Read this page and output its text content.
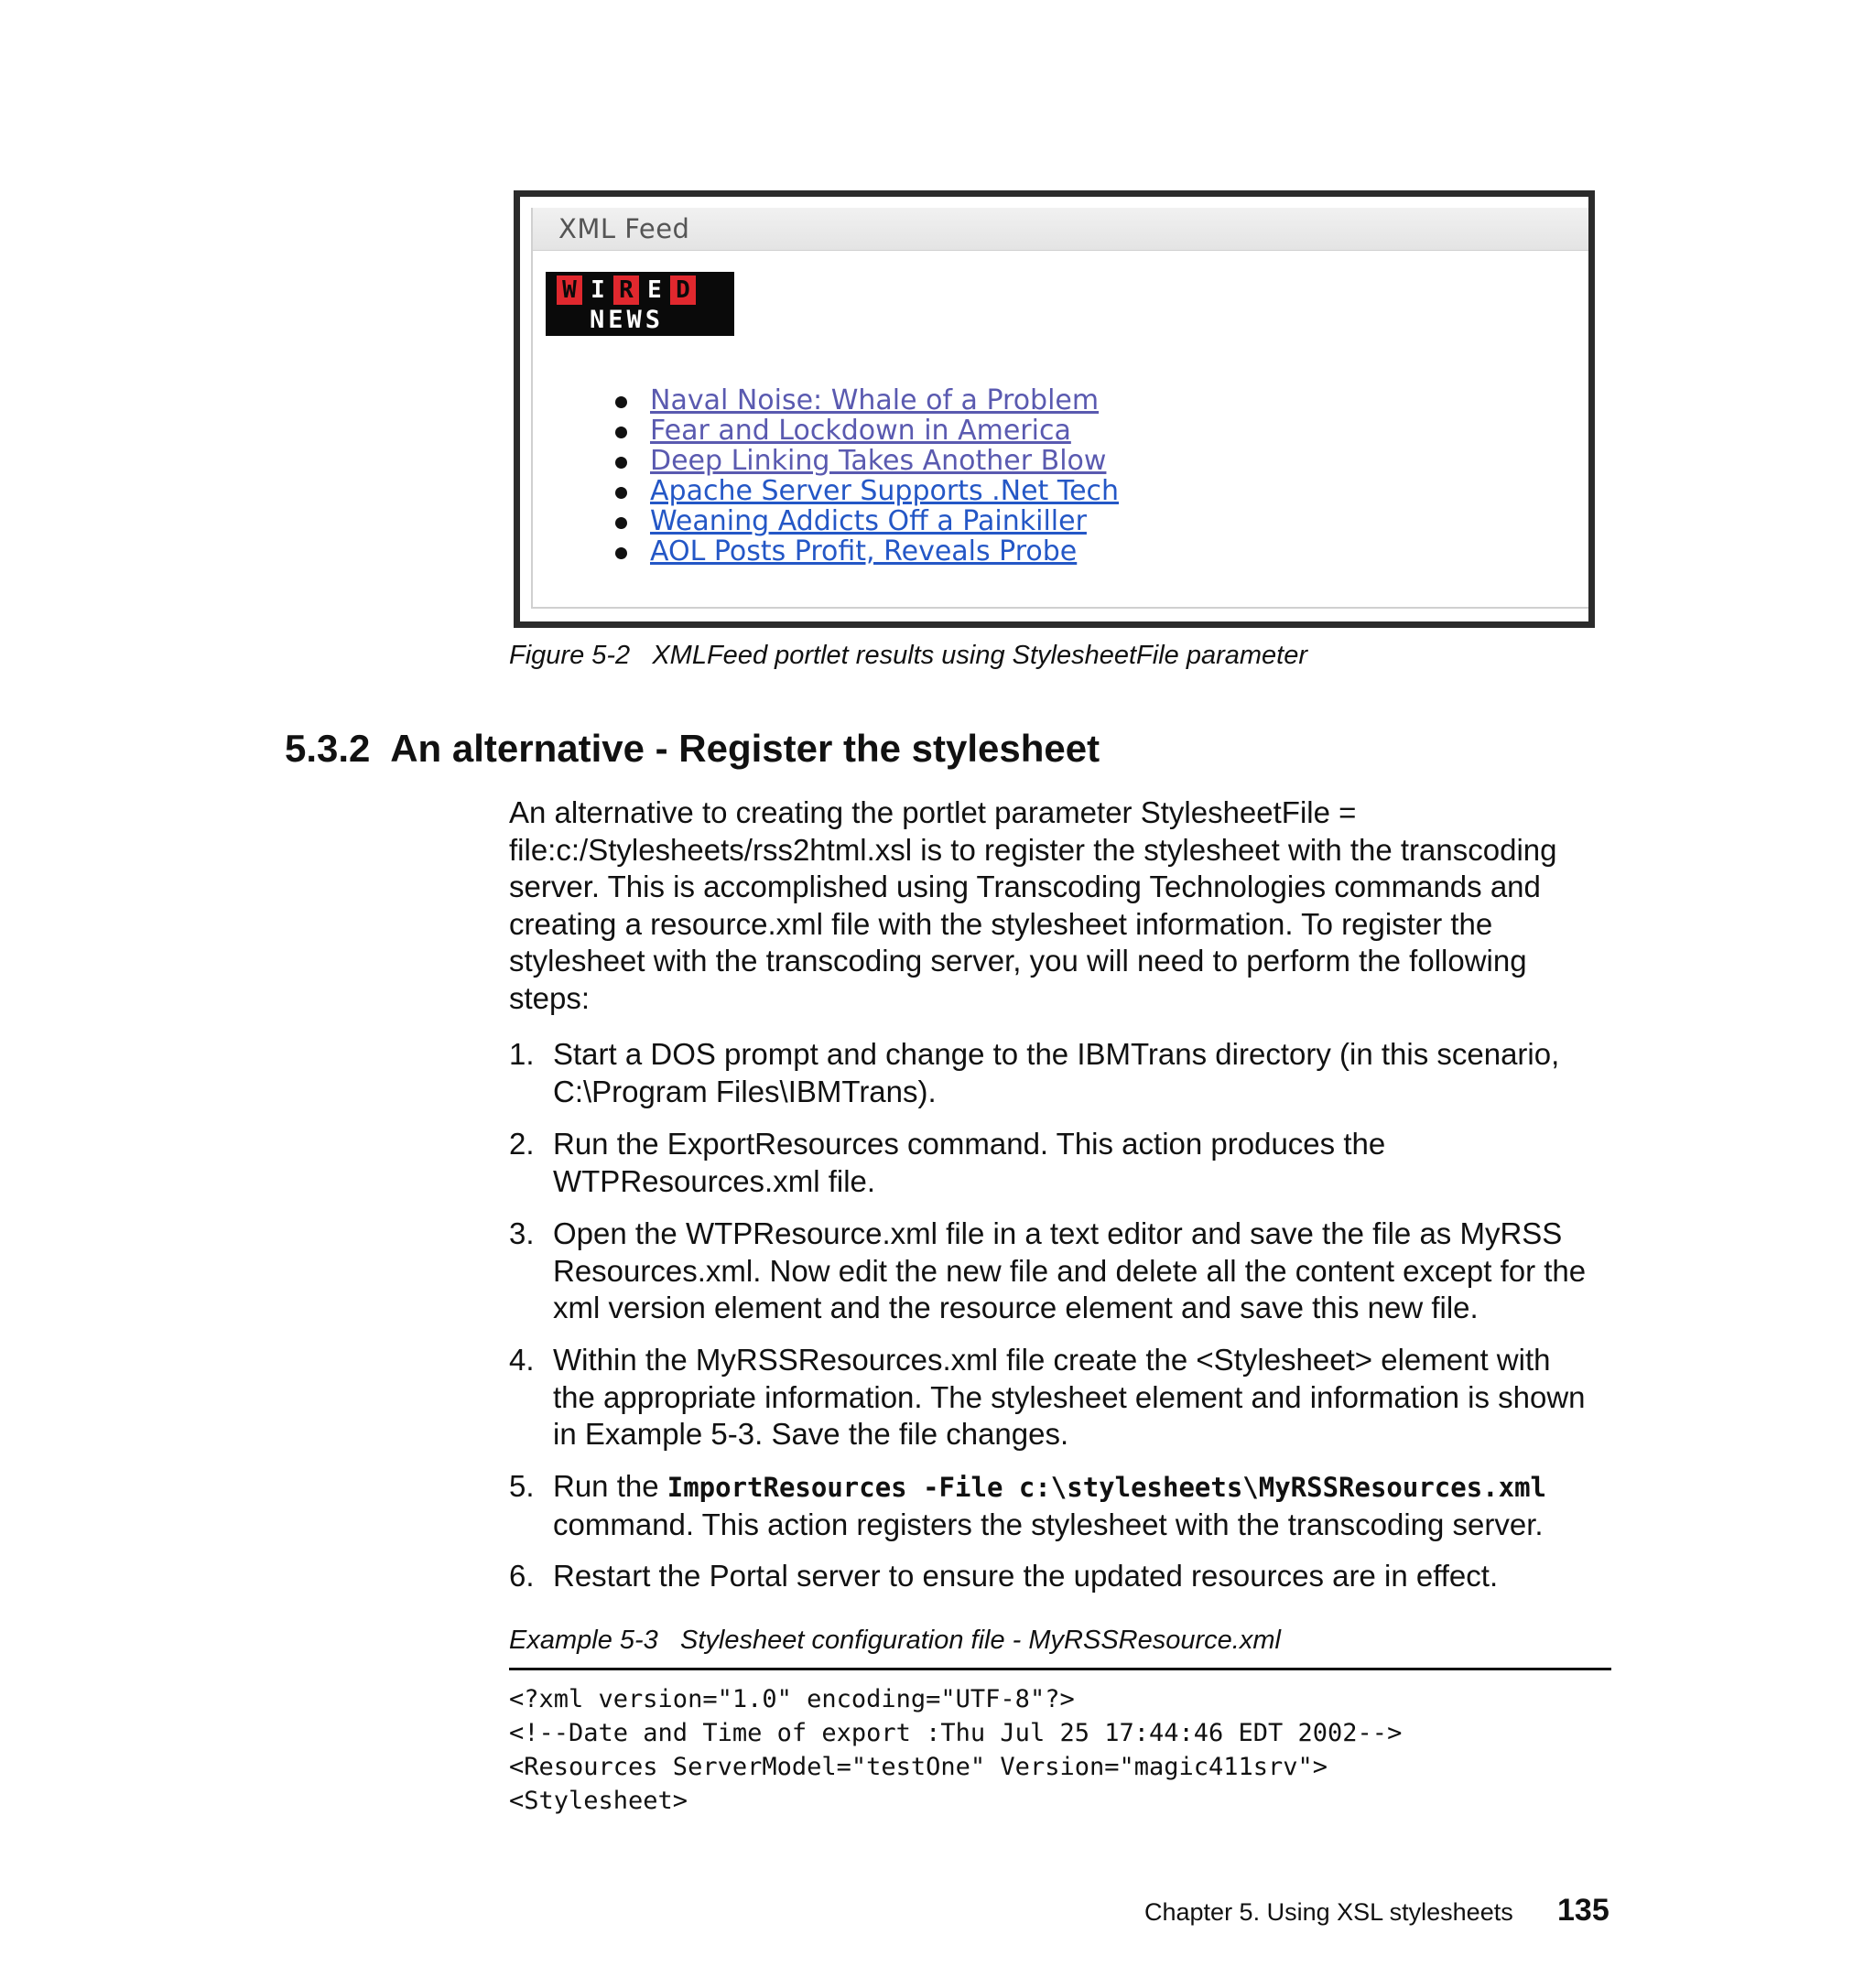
XML Feed
W I R E D
NEWS
Naval Noise: Whale of a Problem
Fear and Lockdown in America
Deep Linking Takes Another Blow
Apache Server Supports .Net Tech
Weaning Addicts Off a Painkiller
AOL Posts Profit, Reveals Probe
Figure 5-2   XMLFeed portlet results using StylesheetFile parameter
5.3.2  An alternative - Register the stylesheet
An alternative to creating the portlet parameter StylesheetFile =
file:c:/Stylesheets/rss2html.xsl is to register the stylesheet with the transcoding
server. This is accomplished using Transcoding Technologies commands and
creating a resource.xml file with the stylesheet information. To register the
stylesheet with the transcoding server, you will need to perform the following
steps:
1. Start a DOS prompt and change to the IBMTrans directory (in this scenario,
C:\Program Files\IBMTrans).
2. Run the ExportResources command. This action produces the
WTPResources.xml file.
3. Open the WTPResource.xml file in a text editor and save the file as MyRSS
Resources.xml. Now edit the new file and delete all the content except for the
xml version element and the resource element and save this new file.
4. Within the MyRSSResources.xml file create the <Stylesheet> element with
the appropriate information. The stylesheet element and information is shown
in Example 5-3. Save the file changes.
5. Run the ImportResources -File c:\stylesheets\MyRSSResources.xml
command. This action registers the stylesheet with the transcoding server.
6. Restart the Portal server to ensure the updated resources are in effect.
Example 5-3   Stylesheet configuration file - MyRSSResource.xml
<?xml version="1.0" encoding="UTF-8"?>
<!--Date and Time of export :Thu Jul 25 17:44:46 EDT 2002-->
<Resources ServerModel="testOne" Version="magic411srv">
<Stylesheet>
Chapter 5. Using XSL stylesheets 135
